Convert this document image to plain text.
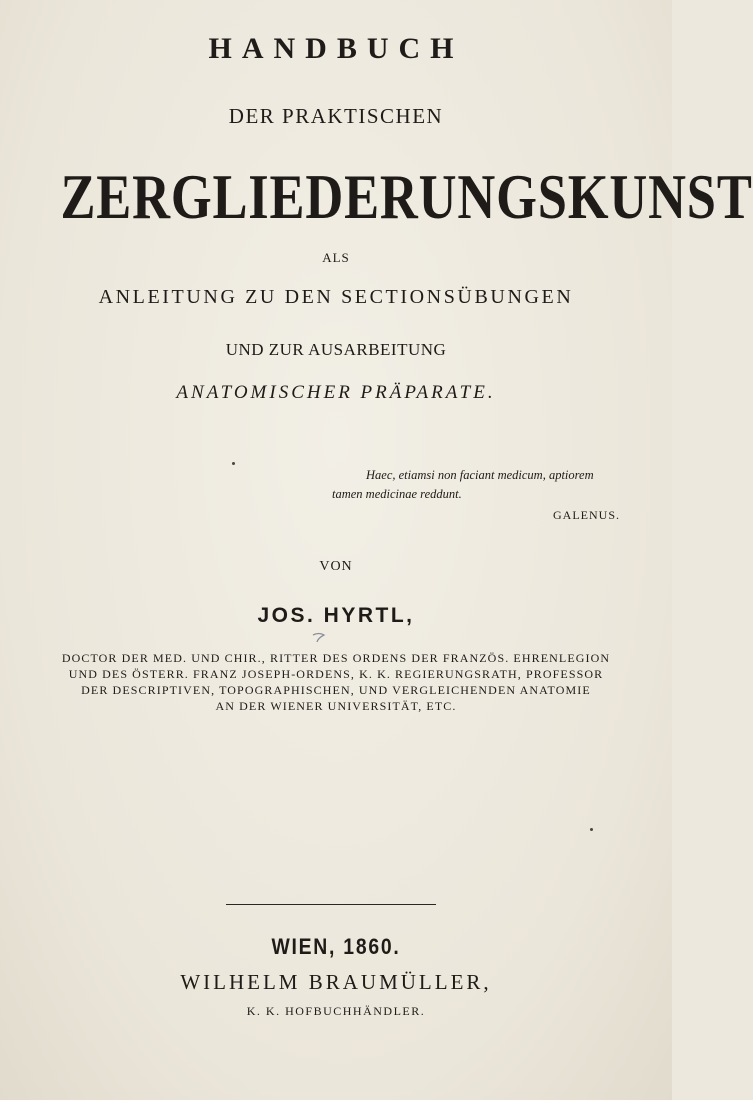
HANDBUCH
DER PRAKTISCHEN
ZERGLIEDERUNGSKUNST
ALS
ANLEITUNG ZU DEN SECTIONSÜBUNGEN
UND ZUR AUSARBEITUNG
ANATOMISCHER PRÄPARATE.
Haec, etiamsi non faciant medicum, aptiorem
tamen medicinae reddunt.
GALENUS.
VON
JOS. HYRTL,
DOCTOR DER MED. UND CHIR., RITTER DES ORDENS DER FRANZÖS. EHRENLEGION
UND DES ÖSTERR. FRANZ JOSEPH-ORDENS, K. K. REGIERUNGSRATH, PROFESSOR
DER DESCRIPTIVEN, TOPOGRAPHISCHEN, UND VERGLEICHENDEN ANATOMIE
AN DER WIENER UNIVERSITÄT, ETC.
WIEN, 1860.
WILHELM BRAUMÜLLER,
K. K. HOFBUCHHÄNDLER.
